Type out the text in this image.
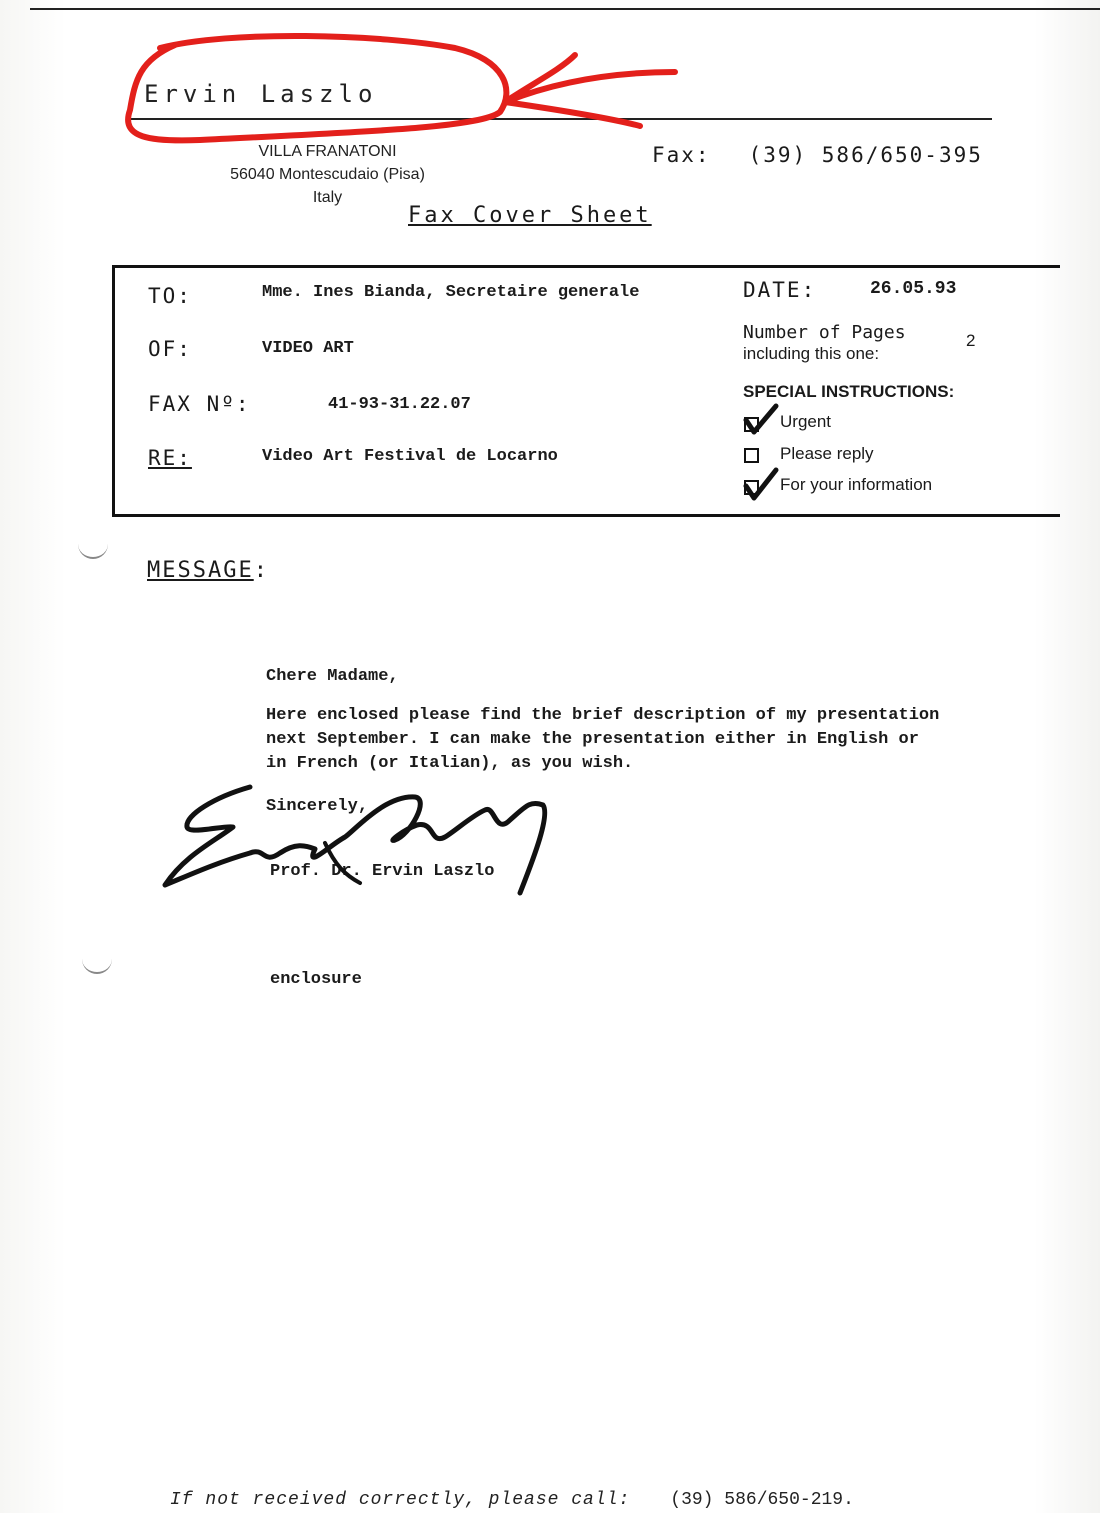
Ervin Laszlo
VILLA FRANATONI
56040 Montescudaio (Pisa)
Italy
Fax: (39) 586/650-395
Fax Cover Sheet
TO:	Mme. Ines Bianda, Secretaire generale
OF:	VIDEO ART
FAX Nº:	41-93-31.22.07
RE:	Video Art Festival de Locarno
DATE:	26.05.93
Number of Pages
including this one:
2
SPECIAL INSTRUCTIONS:
Urgent
Please reply
For your information
MESSAGE:
Chere Madame,
Here enclosed please find the brief description of my presentation
next September. I can make the presentation either in English or
in French (or Italian), as you wish.
Sincerely,
Prof. Dr. Ervin Laszlo
enclosure
If not received correctly, please call: (39) 586/650-219.
